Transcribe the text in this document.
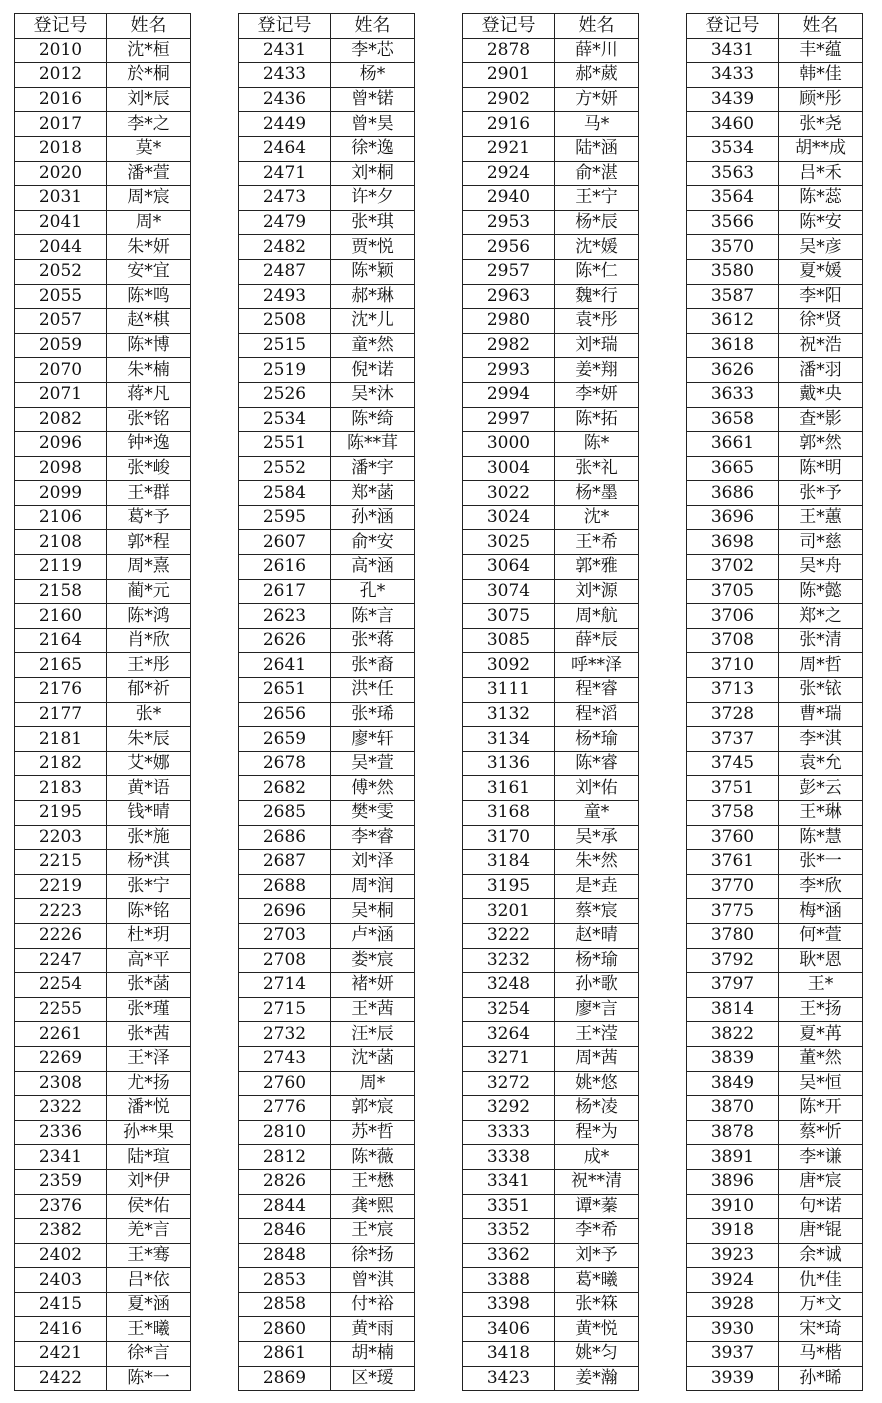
登记号	姓名
2010	沈*桓
2012	於*桐
2016	刘*辰
2017	李*之
2018	莫*
2020	潘*萱
2031	周*宸
2041	周*
2044	朱*妍
2052	安*宜
2055	陈*鸣
2057	赵*棋
2059	陈*博
2070	朱*楠
2071	蒋*凡
2082	张*铭
2096	钟*逸
2098	张*峻
2099	王*群
2106	葛*予
2108	郭*程
2119	周*熹
2158	蔺*元
2160	陈*鸿
2164	肖*欣
2165	王*彤
2176	郁*祈
2177	张*
2181	朱*辰
2182	艾*娜
2183	黄*语
2195	钱*晴
2203	张*施
2215	杨*淇
2219	张*宁
2223	陈*铭
2226	杜*玥
2247	高*平
2254	张*菡
2255	张*瑾
2261	张*茜
2269	王*泽
2308	尤*扬
2322	潘*悦
2336	孙**果
2341	陆*瑄
2359	刘*伊
2376	侯*佑
2382	羌*言
2402	王*骞
2403	吕*依
2415	夏*涵
2416	王*曦
2421	徐*言
2422	陈*一
登记号	姓名
2431	李*芯
2433	杨*
2436	曾*锘
2449	曾*昊
2464	徐*逸
2471	刘*桐
2473	许*夕
2479	张*琪
2482	贾*悦
2487	陈*颖
2493	郝*琳
2508	沈*儿
2515	童*然
2519	倪*诺
2526	吴*沐
2534	陈*绮
2551	陈**茸
2552	潘*宇
2584	郑*菡
2595	孙*涵
2607	俞*安
2616	高*涵
2617	孔*
2623	陈*言
2626	张*蒋
2641	张*裔
2651	洪*任
2656	张*琋
2659	廖*轩
2678	吴*萱
2682	傅*然
2685	樊*雯
2686	李*睿
2687	刘*泽
2688	周*润
2696	吴*桐
2703	卢*涵
2708	娄*宸
2714	褚*妍
2715	王*茜
2732	汪*辰
2743	沈*菡
2760	周*
2776	郭*宸
2810	苏*哲
2812	陈*薇
2826	王*懋
2844	龚*熙
2846	王*宸
2848	徐*扬
2853	曾*淇
2858	付*裕
2860	黄*雨
2861	胡*楠
2869	区*瑷
登记号	姓名
2878	薛*川
2901	郝*葳
2902	方*妍
2916	马*
2921	陆*涵
2924	俞*湛
2940	王*宁
2953	杨*辰
2956	沈*媛
2957	陈*仁
2963	魏*行
2980	袁*彤
2982	刘*瑞
2993	姜*翔
2994	李*妍
2997	陈*拓
3000	陈*
3004	张*礼
3022	杨*墨
3024	沈*
3025	王*希
3064	郭*雅
3074	刘*源
3075	周*航
3085	薛*辰
3092	呼**泽
3111	程*睿
3132	程*滔
3134	杨*瑜
3136	陈*睿
3161	刘*佑
3168	童*
3170	吴*承
3184	朱*然
3195	是*垚
3201	蔡*宸
3222	赵*晴
3232	杨*瑜
3248	孙*歌
3254	廖*言
3264	王*滢
3271	周*茜
3272	姚*悠
3292	杨*凌
3333	程*为
3338	成*
3341	祝**清
3351	谭*蓁
3352	李*希
3362	刘*予
3388	葛*曦
3398	张*箖
3406	黄*悦
3418	姚*匀
3423	姜*瀚
登记号	姓名
3431	丰*蕴
3433	韩*佳
3439	顾*彤
3460	张*尧
3534	胡**成
3563	吕*禾
3564	陈*蕊
3566	陈*安
3570	吴*彦
3580	夏*媛
3587	李*阳
3612	徐*贤
3618	祝*浩
3626	潘*羽
3633	戴*央
3658	查*影
3661	郭*然
3665	陈*明
3686	张*予
3696	王*蕙
3698	司*慈
3702	吴*舟
3705	陈*懿
3706	郑*之
3708	张*清
3710	周*哲
3713	张*铱
3728	曹*瑞
3737	李*淇
3745	袁*允
3751	彭*云
3758	王*琳
3760	陈*慧
3761	张*一
3770	李*欣
3775	梅*涵
3780	何*萱
3792	耿*恩
3797	王*
3814	王*扬
3822	夏*苒
3839	董*然
3849	吴*恒
3870	陈*开
3878	蔡*忻
3891	李*谦
3896	唐*宸
3910	句*诺
3918	唐*锟
3923	余*诚
3924	仇*佳
3928	万*文
3930	宋*琦
3937	马*楷
3939	孙*晞
